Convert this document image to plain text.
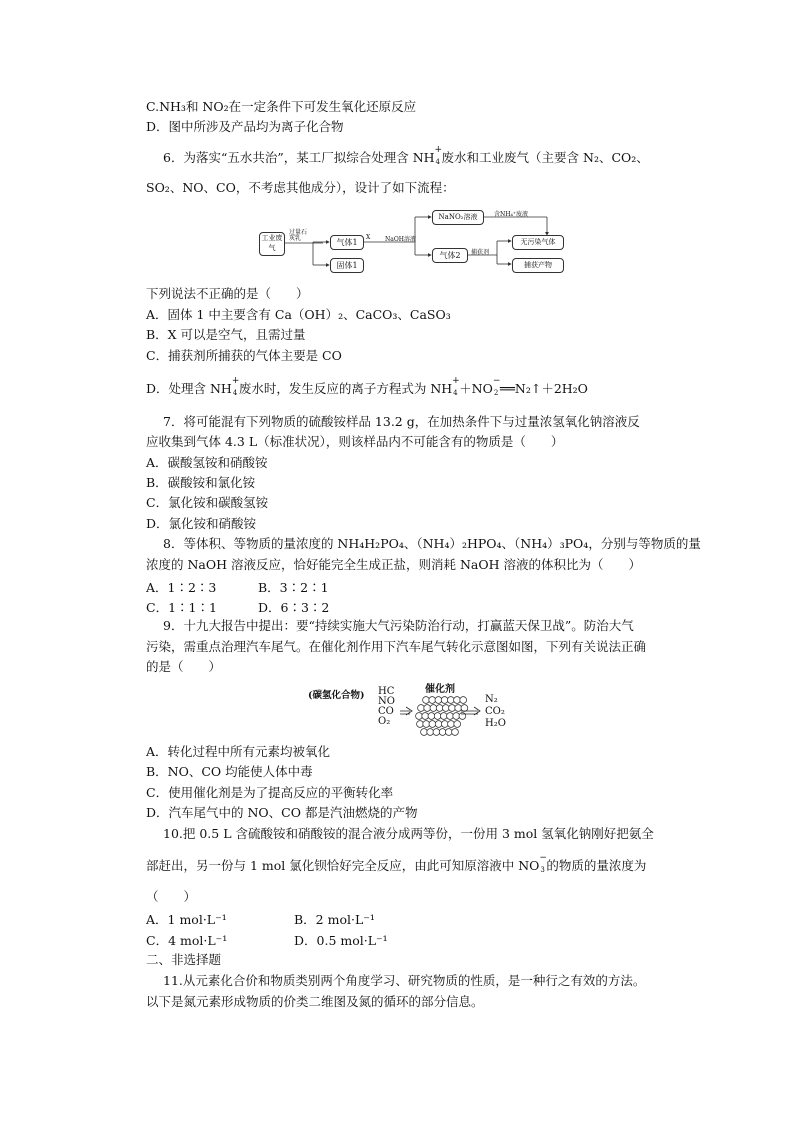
C.NH₃和 NO₂在一定条件下可发生氧化还原反应
D．图中所涉及产品均为离子化合物
6．为落实“五水共治”，某工厂拟综合处理含 NH +
4 废水和工业废气（主要含 N₂、CO₂、
SO₂、NO、CO，不考虑其他成分），设计了如下流程：
工业废气
过量石灰乳	气体1
固体1
X NaOH溶液
NaNO₂溶液	含NH₄⁺废液
气体2	捕获剂
无污染气体
捕获产物
下列说法不正确的是（　　）
A．固体 1 中主要含有 Ca（OH）₂、CaCO₃、CaSO₃
B．X 可以是空气，且需过量
C．捕获剂所捕获的气体主要是 CO
D．处理含 NH +
4 废水时，发生反应的离子方程式为 NH +
4 ＋NO −
2 ══N₂↑＋2H₂O
7．将可能混有下列物质的硫酸铵样品 13.2 g，在加热条件下与过量浓氢氧化钠溶液反
应收集到气体 4.3 L（标准状况），则该样品内不可能含有的物质是（　　）
A．碳酸氢铵和硝酸铵
B．碳酸铵和氯化铵
C．氯化铵和碳酸氢铵
D．氯化铵和硝酸铵
8．等体积、等物质的量浓度的 NH₄H₂PO₄、（NH₄）₂HPO₄、（NH₄）₃PO₄，分别与等物质的量
浓度的 NaOH 溶液反应，恰好能完全生成正盐，则消耗 NaOH 溶液的体积比为（　　）
A．1∶2∶3	B．3∶2∶1
C．1∶1∶1	D．6∶3∶2
9．十九大报告中提出：要“持续实施大气污染防治行动，打赢蓝天保卫战”。防治大气
污染，需重点治理汽车尾气。在催化剂作用下汽车尾气转化示意图如图，下列有关说法正确
的是（　　）
(碳氢化合物) HC
NO
CO
O₂
催化剂
N₂
CO₂
H₂O
A．转化过程中所有元素均被氧化
B．NO、CO 均能使人体中毒
C．使用催化剂是为了提高反应的平衡转化率
D．汽车尾气中的 NO、CO 都是汽油燃烧的产物
10.把 0.5 L 含硫酸铵和硝酸铵的混合液分成两等份，一份用 3 mol 氢氧化钠刚好把氨全
部赶出，另一份与 1 mol 氯化钡恰好完全反应，由此可知原溶液中 NO −
3 的物质的量浓度为
（　　）
A．1 mol·L⁻¹	B．2 mol·L⁻¹
C．4 mol·L⁻¹	D．0.5 mol·L⁻¹
二、非选择题
11.从元素化合价和物质类别两个角度学习、研究物质的性质，是一种行之有效的方法。
以下是氮元素形成物质的价类二维图及氮的循环的部分信息。
